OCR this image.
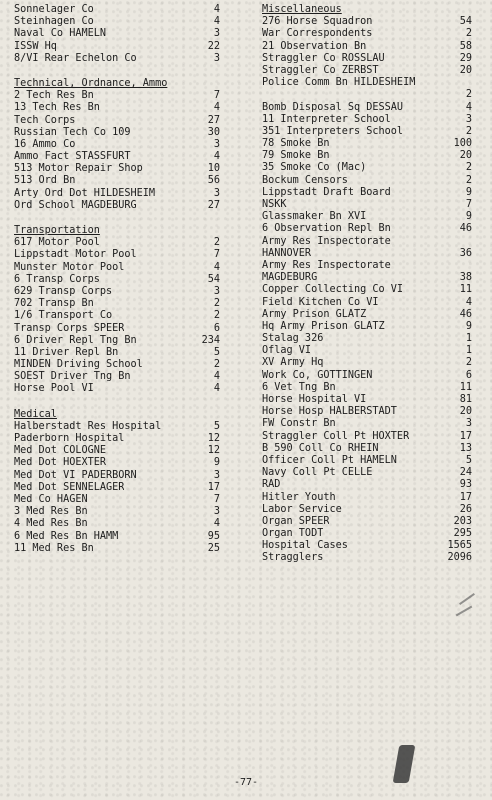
Sonnelager Co	4
Steinhagen Co	4
Naval Co HAMELN	3
ISSW Hq	22
8/VI Rear Echelon Co	3
Technical, Ordnance, Ammo
2 Tech Res Bn	7
13 Tech Res Bn	4
Tech Corps	27
Russian Tech Co 109	30
16 Ammo Co	3
Ammo Fact STASSFURT	4
513 Motor Repair Shop	10
513 Ord Bn	56
Arty Ord Dot HILDESHEIM	3
Ord School MAGDEBURG	27
Transportation
617 Motor Pool	2
Lippstadt Motor Pool	7
Munster Motor Pool	4
6 Transp Corps	54
629 Transp Corps	3
702 Transp Bn	2
1/6 Transport Co	2
Transp Corps SPEER	6
6 Driver Repl Tng Bn	234
11 Driver Repl Bn	5
MINDEN Driving School	2
SOEST Driver Tng Bn	4
Horse Pool VI	4
Medical
Halberstadt Res Hospital	5
Paderborn Hospital	12
Med Dot COLOGNE	12
Med Dot HOEXTER	9
Med Dot VI PADERBORN	3
Med Dot SENNELAGER	17
Med Co HAGEN	7
3 Med Res Bn	3
4 Med Res Bn	4
6 Med Res Bn HAMM	95
11 Med Res Bn	25
Miscellaneous
276 Horse Squadron	54
War Correspondents	2
21 Observation Bn	58
Straggler Co ROSSLAU	29
Straggler Co ZERBST	20
Police Comm Bn HILDESHEIM
2
Bomb Disposal Sq DESSAU	4
11 Interpreter School	3
351 Interpreters School	2
78 Smoke Bn	100
79 Smoke Bn	20
35 Smoke Co (Mac)	2
Bockum Censors	2
Lippstadt Draft Board	9
NSKK	7
Glassmaker Bn XVI	9
6 Observation Repl Bn	46
Army Res Inspectorate
HANNOVER	36
Army Res Inspectorate
MAGDEBURG	38
Copper Collecting Co VI	11
Field Kitchen Co VI	4
Army Prison GLATZ	46
Hq Army Prison GLATZ	9
Stalag 326	1
Oflag VI	1
XV Army Hq	2
Work Co, GOTTINGEN	6
6 Vet Tng Bn	11
Horse Hospital VI	81
Horse Hosp HALBERSTADT	20
FW Constr Bn	3
Straggler Coll Pt HOXTER	17
B 590 Coll Co RHEIN	13
Officer Coll Pt HAMELN	5
Navy Coll Pt CELLE	24
RAD	93
Hitler Youth	17
Labor Service	26
Organ SPEER	203
Organ TODT	295
Hospital Cases	1565
Stragglers	2096
-77-
